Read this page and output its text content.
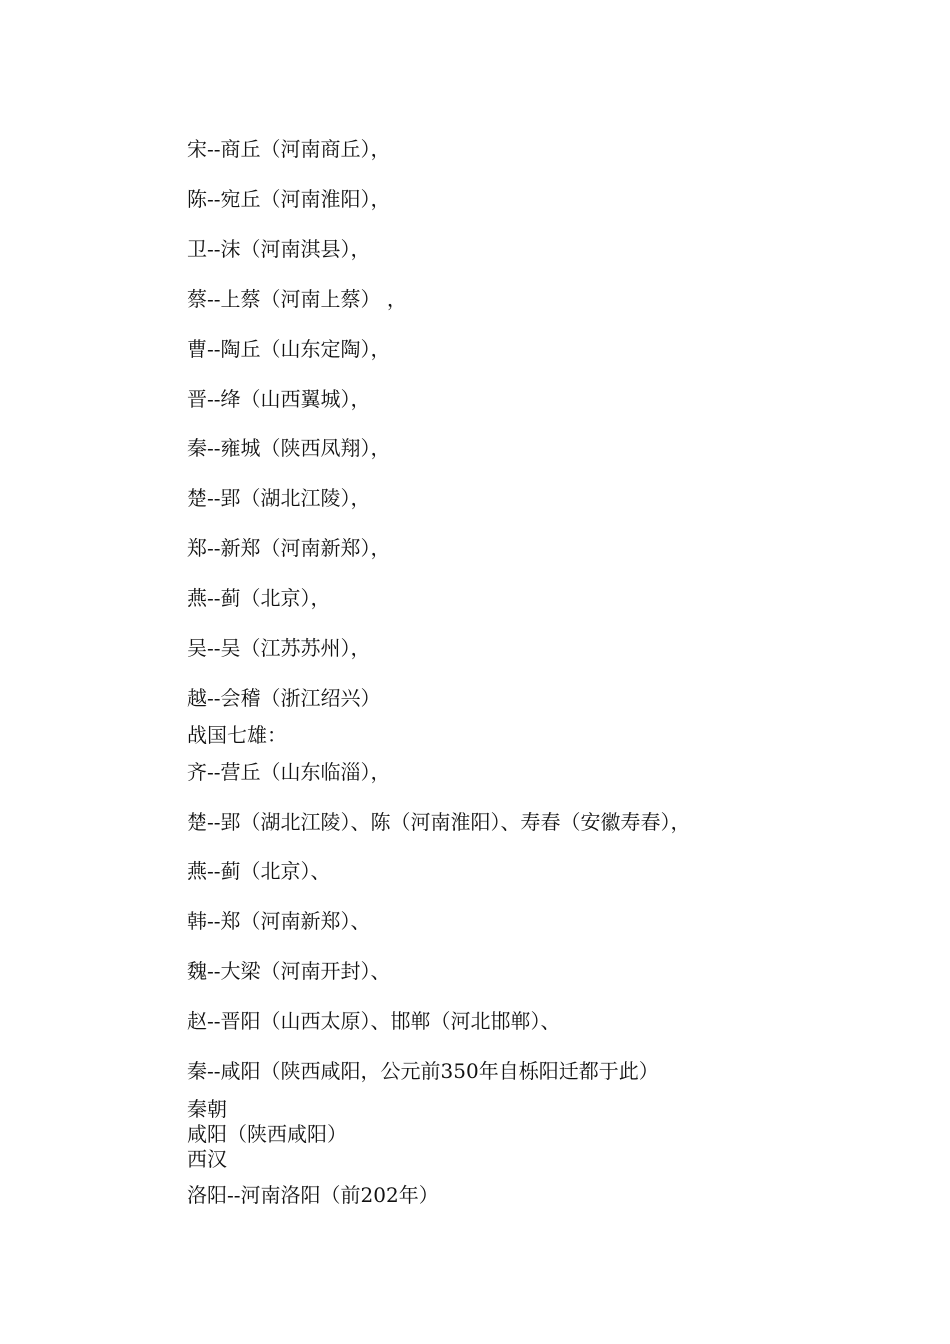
宋--商丘（河南商丘），
陈--宛丘（河南淮阳），
卫--沫（河南淇县），
蔡--上蔡（河南上蔡） ，
曹--陶丘（山东定陶），
晋--绛（山西翼城），
秦--雍城（陕西凤翔），
楚--郢（湖北江陵），
郑--新郑（河南新郑），
燕--蓟（北京），
吴--吴（江苏苏州），
越--会稽（浙江绍兴）
战国七雄：
齐--营丘（山东临淄），
楚--郢（湖北江陵）、陈（河南淮阳）、寿春（安徽寿春），
燕--蓟（北京）、
韩--郑（河南新郑）、
魏--大梁（河南开封）、
赵--晋阳（山西太原）、邯郸（河北邯郸）、
秦--咸阳（陕西咸阳，公元前350年自栎阳迁都于此）
秦朝
咸阳（陕西咸阳）
西汉
洛阳--河南洛阳（前202年）
